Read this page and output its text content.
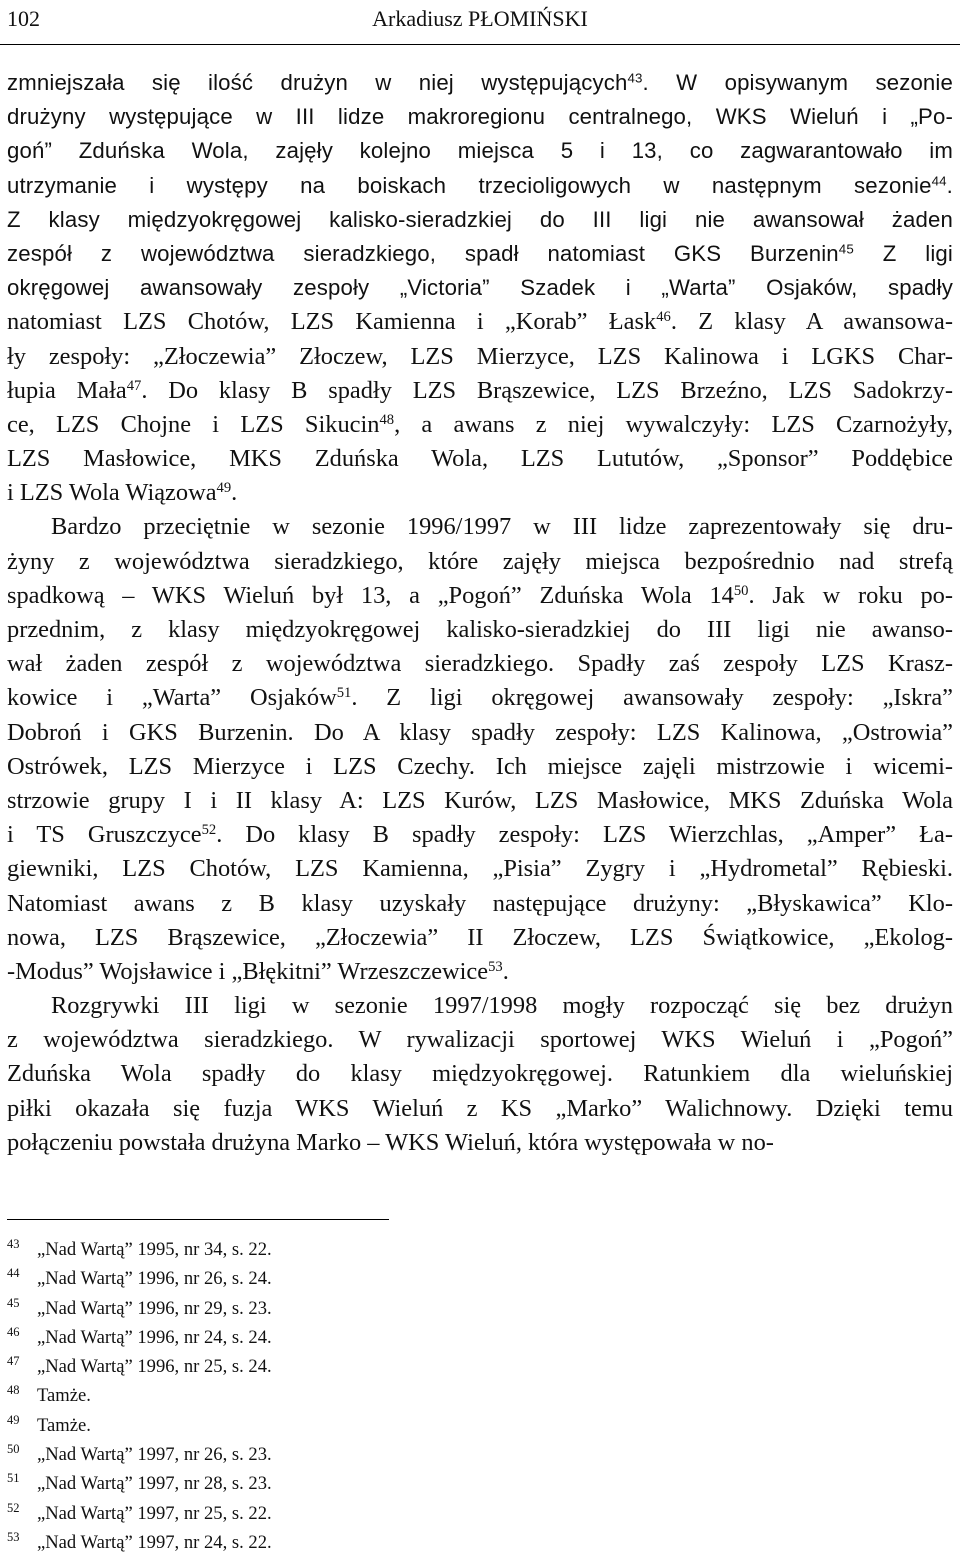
102	Arkadiusz PŁOMIŃSKI
zmniejszała się ilość drużyn w niej występujących$^{43}$. W opisywanym sezonie
drużyny występujące w III lidze makroregionu centralnego, WKS Wieluń i „Po-
goń” Zduńska Wola, zajęły kolejno miejsca 5 i 13, co zagwarantowało im
utrzymanie i występy na boiskach trzecioligowych w następnym sezonie$^{44}$.
Z klasy międzyokręgowej kalisko-sieradzkiej do III ligi nie awansował żaden
zespół z województwa sieradzkiego, spadł natomiast GKS Burzenin$^{45}$ Z ligi
okręgowej awansowały zespoły „Victoria” Szadek i „Warta” Osjaków, spadły
natomiast LZS Chotów, LZS Kamienna i „Korab” Łask$^{46}$. Z klasy A awansowa-
ły zespoły: „Złoczewia” Złoczew, LZS Mierzyce, LZS Kalinowa i LGKS Char-
łupia Mała$^{47}$. Do klasy B spadły LZS Brąszewice, LZS Brzeźno, LZS Sadokrzy-
ce, LZS Chojne i LZS Sikucin$^{48}$, a awans z niej wywalczyły: LZS Czarnożyły,
LZS Masłowice, MKS Zduńska Wola, LZS Lututów, „Sponsor” Poddębice
i LZS Wola Wiązowa$^{49}$.
Bardzo przeciętnie w sezonie 1996/1997 w III lidze zaprezentowały się dru-
żyny z województwa sieradzkiego, które zajęły miejsca bezpośrednio nad strefą
spadkową – WKS Wieluń był 13, a „Pogoń” Zduńska Wola $14^{50}$. Jak w roku po-
przednim, z klasy międzyokręgowej kalisko-sieradzkiej do III ligi nie awanso-
wał żaden zespół z województwa sieradzkiego. Spadły zaś zespoły LZS Krasz-
kowice i „Warta” Osjaków$^{51}$. Z ligi okręgowej awansowały zespoły: „Iskra”
Dobroń i GKS Burzenin. Do A klasy spadły zespoły: LZS Kalinowa, „Ostrowia”
Ostrówek, LZS Mierzyce i LZS Czechy. Ich miejsce zajęli mistrzowie i wicemi-
strzowie grupy I i II klasy A: LZS Kurów, LZS Masłowice, MKS Zduńska Wola
i TS Gruszczyce$^{52}$. Do klasy B spadły zespoły: LZS Wierzchlas, „Amper” Ła-
giewniki, LZS Chotów, LZS Kamienna, „Pisia” Zygry i „Hydrometal” Rębieski.
Natomiast awans z B klasy uzyskały następujące drużyny: „Błyskawica” Klo-
nowa, LZS Brąszewice, „Złoczewia” II Złoczew, LZS Świątkowice, „Ekolog-
-Modus” Wojsławice i „Błękitni” Wrzeszczewice$^{53}$.
Rozgrywki III ligi w sezonie 1997/1998 mogły rozpocząć się bez drużyn
z województwa sieradzkiego. W rywalizacji sportowej WKS Wieluń i „Pogoń”
Zduńska Wola spadły do klasy międzyokręgowej. Ratunkiem dla wieluńskiej
piłki okazała się fuzja WKS Wieluń z KS „Marko” Walichnowy. Dzięki temu
połączeniu powstała drużyna Marko – WKS Wieluń, która występowała w no-
43 „Nad Wartą” 1995, nr 34, s. 22.
44 „Nad Wartą” 1996, nr 26, s. 24.
45 „Nad Wartą” 1996, nr 29, s. 23.
46 „Nad Wartą” 1996, nr 24, s. 24.
47 „Nad Wartą” 1996, nr 25, s. 24.
48 Tamże.
49 Tamże.
50 „Nad Wartą” 1997, nr 26, s. 23.
51 „Nad Wartą” 1997, nr 28, s. 23.
52 „Nad Wartą” 1997, nr 25, s. 22.
53 „Nad Wartą” 1997, nr 24, s. 22.
